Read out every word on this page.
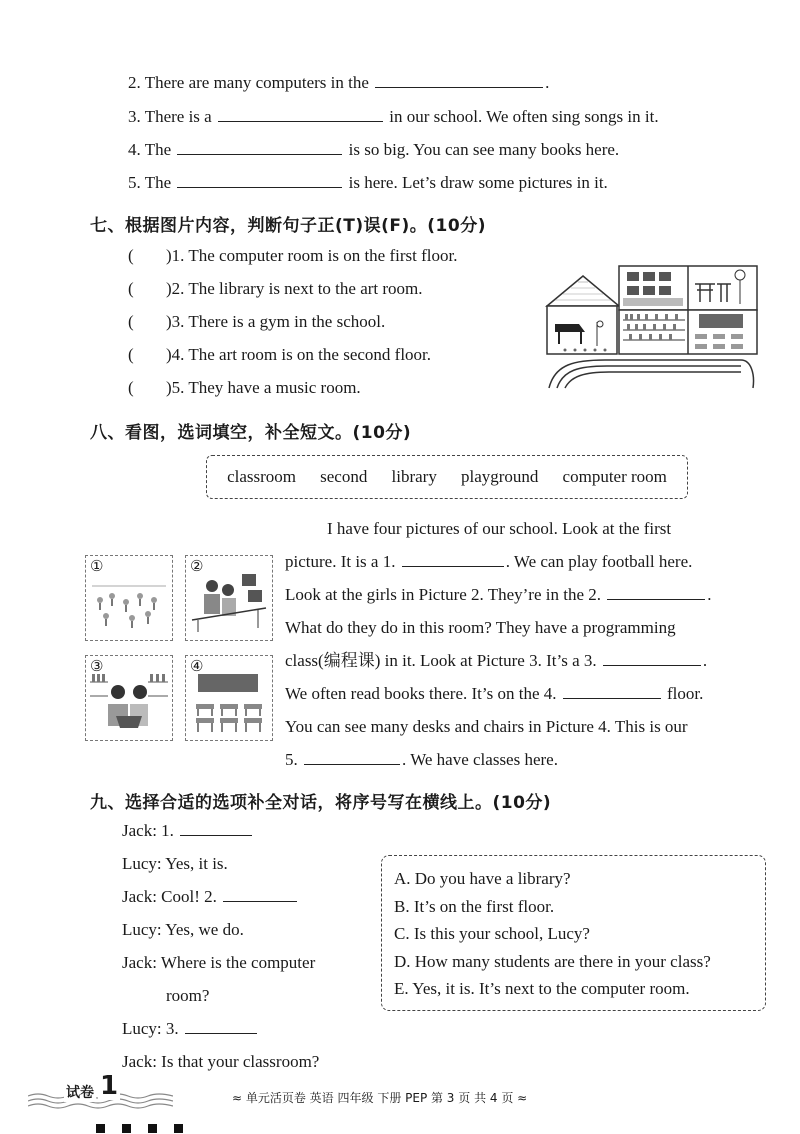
2. There are many computers in the	.
3. There is a	in our school. We often sing songs in it.
4. The	is so big. You can see many books here.
5. The	is here. Let’s draw some pictures in it.
七、根据图片内容，判断句子正(T)误(F)。(10分)
( )1. The computer room is on the first floor.
( )2. The library is next to the art room.
( )3. There is a gym in the school.
( )4. The art room is on the second floor.
( )5. They have a music room.
八、看图，选词填空，补全短文。(10分)
classroom second library playground computer room
①	②
③	④
I have four pictures of our school. Look at the first
picture. It is a 1.	. We can play football here.
Look at the girls in Picture 2. They’re in the 2.	.
What do they do in this room? They have a programming
class(编程课) in it. Look at Picture 3. It’s a 3.	.
We often read books there. It’s on the 4.	floor.
You can see many desks and chairs in Picture 4. This is our
5.	. We have classes here.
九、选择合适的选项补全对话，将序号写在横线上。(10分)
Jack: 1.
Lucy: Yes, it is.
Jack: Cool! 2.
Lucy: Yes, we do.
Jack: Where is the computer
room?
Lucy: 3.
Jack: Is that your classroom?
A. Do you have a library?
B. It’s on the first floor.
C. Is this your school, Lucy?
D. How many students are there in your class?
E. Yes, it is. It’s next to the computer room.
试卷 1	≈ 单元活页卷 英语 四年级 下册 PEP 第 3 页 共 4 页 ≈
